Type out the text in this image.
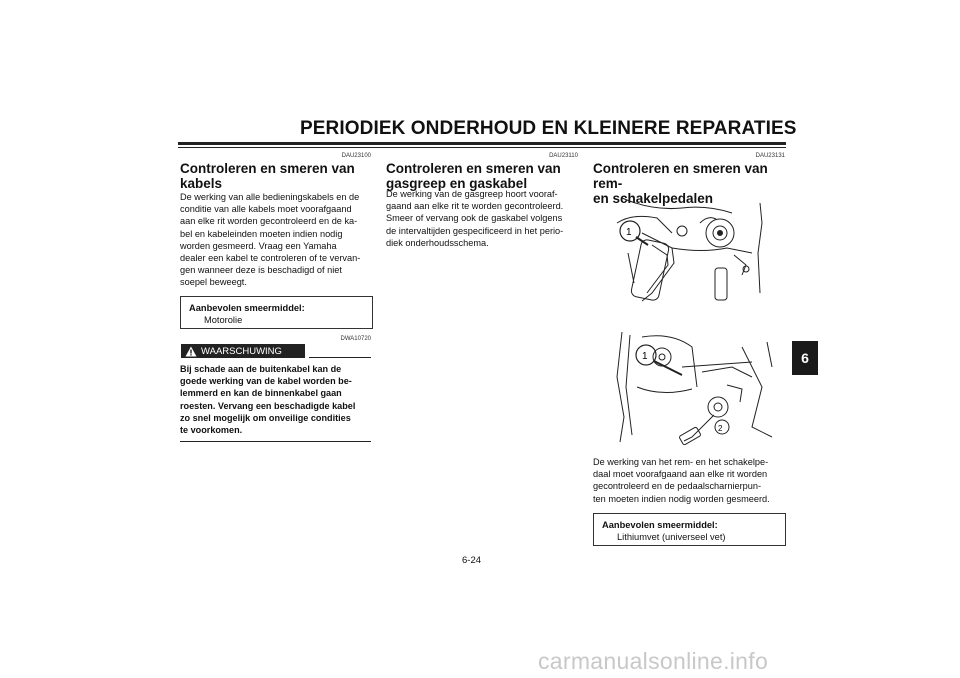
PERIODIEK ONDERHOUD EN KLEINERE REPARATIES
6
DAU23100
Controleren en smeren van
kabels
De werking van alle bedieningskabels en de
conditie van alle kabels moet voorafgaand
aan elke rit worden gecontroleerd en de ka-
bel en kabeleinden moeten indien nodig
worden gesmeerd. Vraag een Yamaha
dealer een kabel te controleren of te vervan-
gen wanneer deze is beschadigd of niet
soepel beweegt.
Aanbevolen smeermiddel:
Motorolie
DWA10720
WAARSCHUWING
Bij schade aan de buitenkabel kan de
goede werking van de kabel worden be-
lemmerd en kan de binnenkabel gaan
roesten. Vervang een beschadigde kabel
zo snel mogelijk om onveilige condities
te voorkomen.
DAU23110
Controleren en smeren van
gasgreep en gaskabel
De werking van de gasgreep hoort vooraf-
gaand aan elke rit te worden gecontroleerd.
Smeer of vervang ook de gaskabel volgens
de intervaltijden gespecificeerd in het perio-
diek onderhoudsschema.
DAU23131
Controleren en smeren van rem-
en schakelpedalen
1
1
2
De werking van het rem- en het schakelpe-
daal moet voorafgaand aan elke rit worden
gecontroleerd en de pedaalscharnierpun-
ten moeten indien nodig worden gesmeerd.
Aanbevolen smeermiddel:
Lithiumvet (universeel vet)
6-24
carmanualsonline.info
